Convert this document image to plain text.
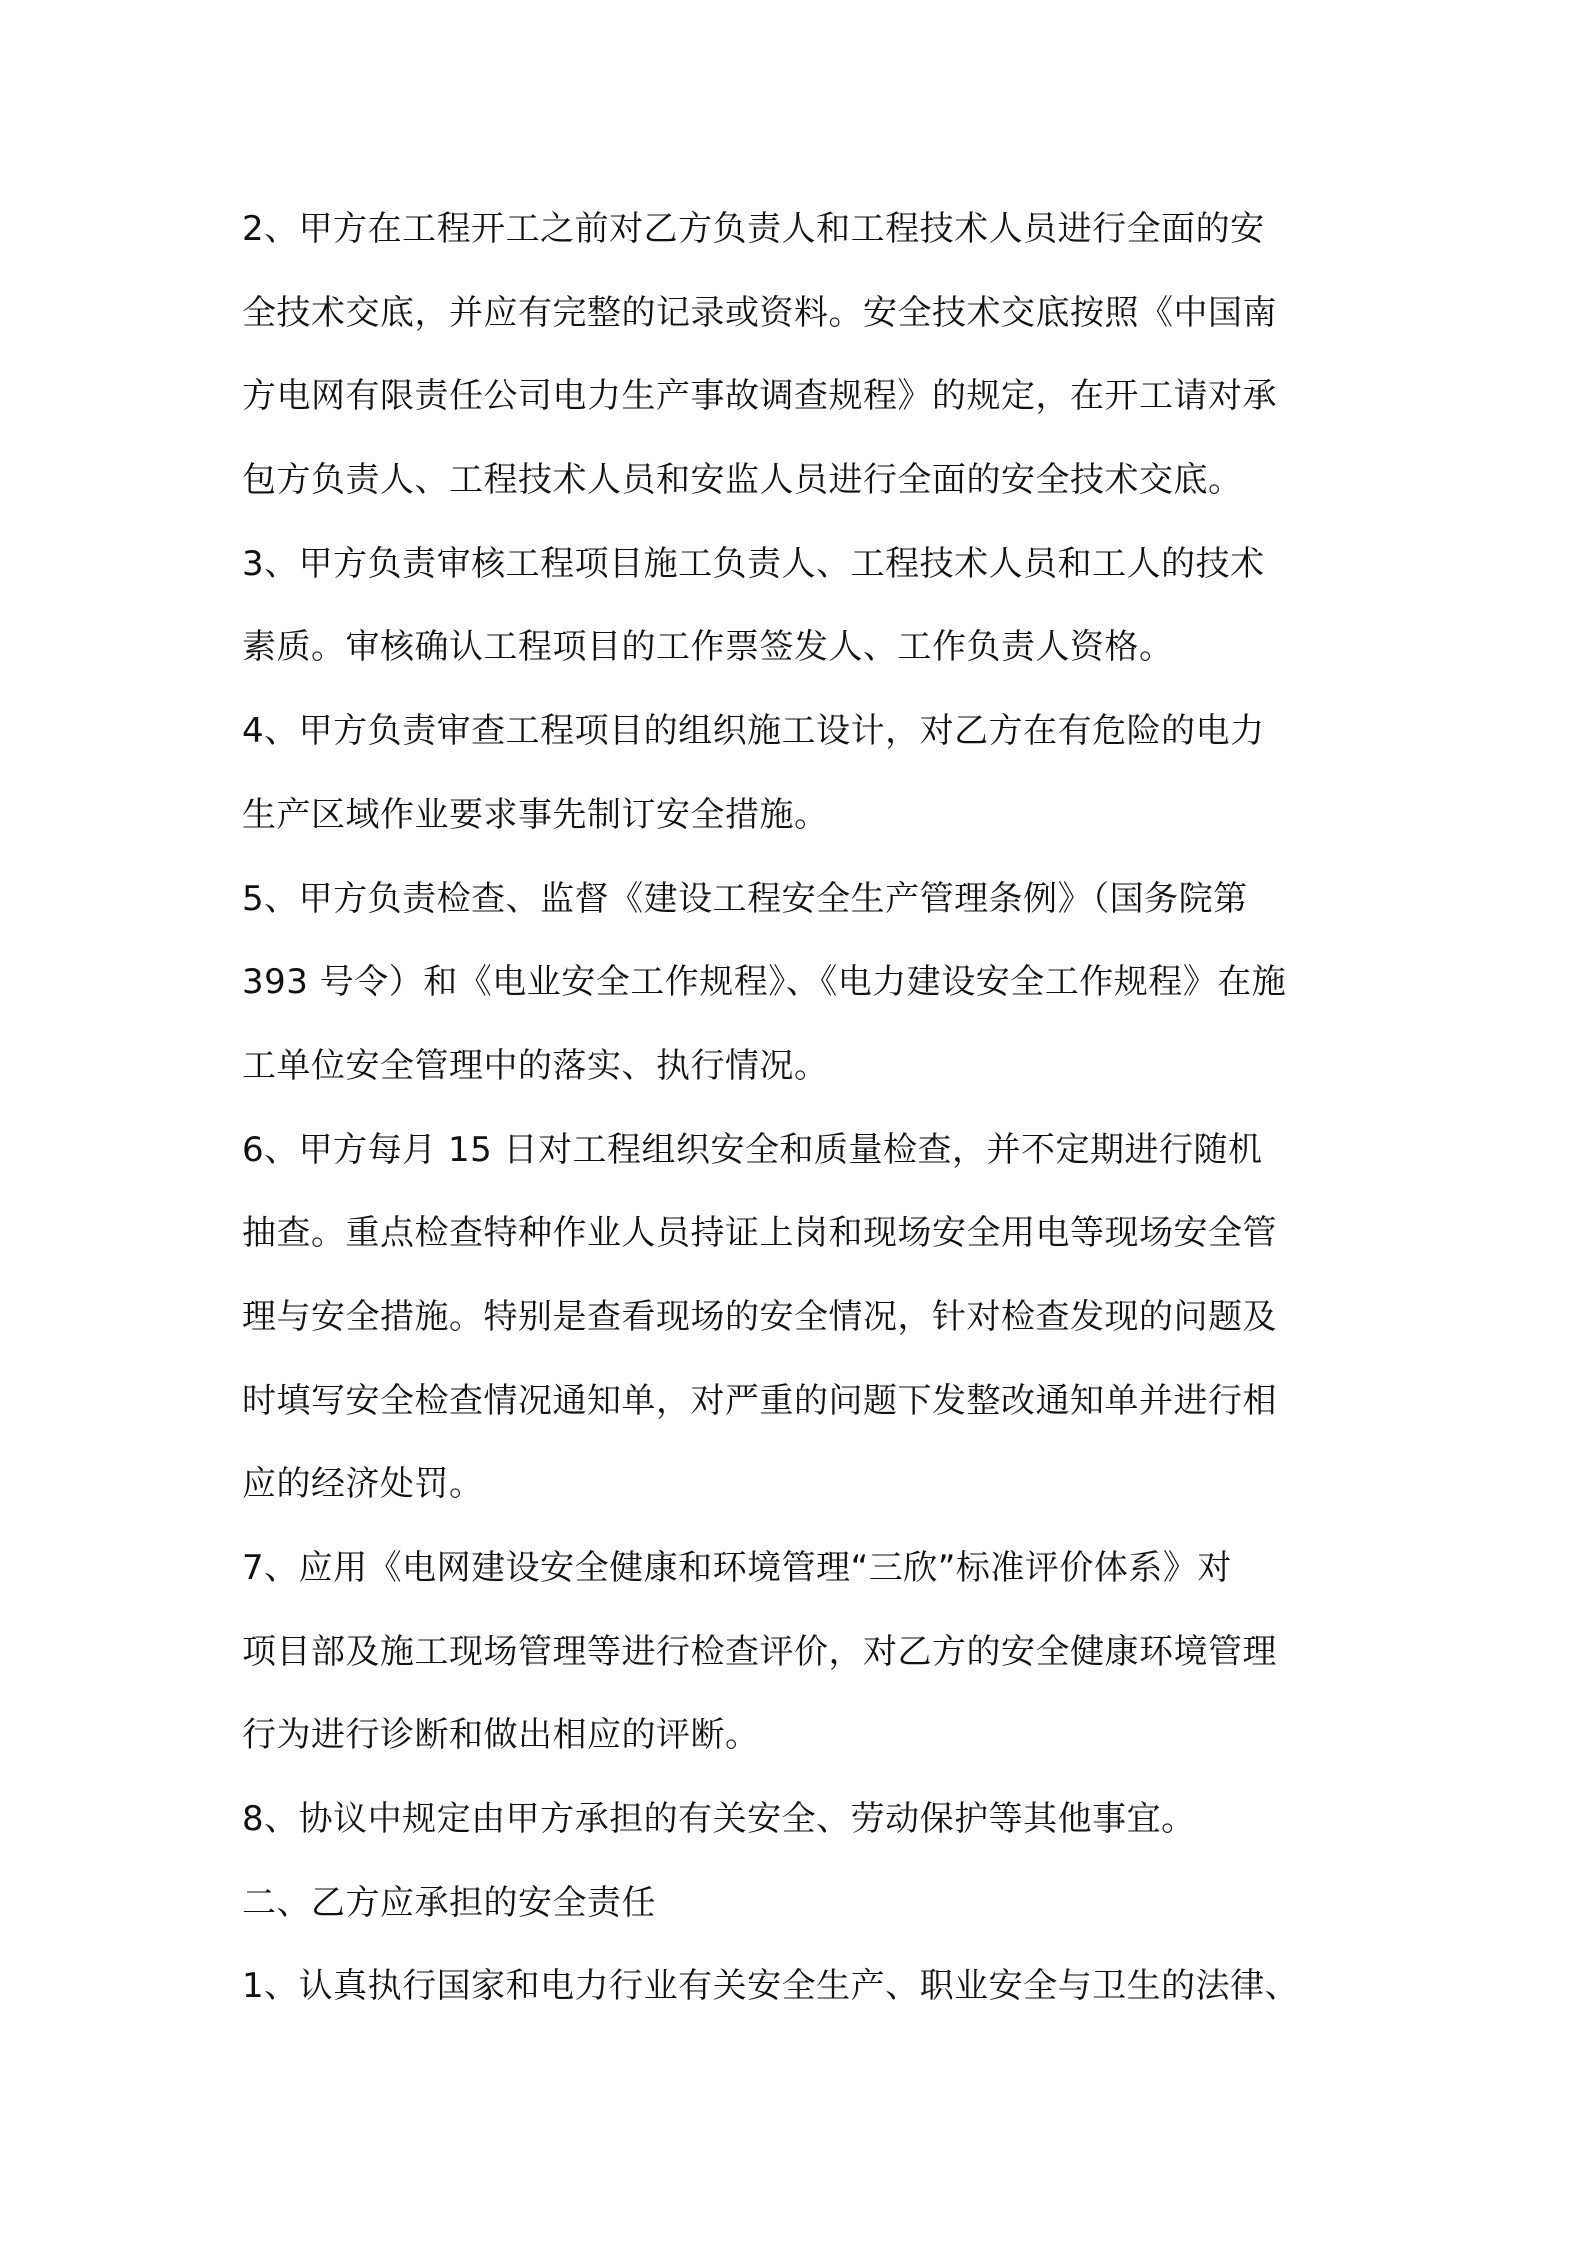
2、甲方在工程开工之前对乙方负责人和工程技术人员进行全面的安
全技术交底，并应有完整的记录或资料。安全技术交底按照《中国南
方电网有限责任公司电力生产事故调查规程》的规定，在开工请对承
包方负责人、工程技术人员和安监人员进行全面的安全技术交底。
3、甲方负责审核工程项目施工负责人、工程技术人员和工人的技术
素质。审核确认工程项目的工作票签发人、工作负责人资格。
4、甲方负责审查工程项目的组织施工设计，对乙方在有危险的电力
生产区域作业要求事先制订安全措施。
5、甲方负责检查、监督《建设工程安全生产管理条例》（国务院第
393 号令）和《电业安全工作规程》、《电力建设安全工作规程》在施
工单位安全管理中的落实、执行情况。
6、甲方每月 15 日对工程组织安全和质量检查，并不定期进行随机
抽查。重点检查特种作业人员持证上岗和现场安全用电等现场安全管
理与安全措施。特别是查看现场的安全情况，针对检查发现的问题及
时填写安全检查情况通知单，对严重的问题下发整改通知单并进行相
应的经济处罚。
7、应用《电网建设安全健康和环境管理“三欣”标准评价体系》对
项目部及施工现场管理等进行检查评价，对乙方的安全健康环境管理
行为进行诊断和做出相应的评断。
8、协议中规定由甲方承担的有关安全、劳动保护等其他事宜。
二、乙方应承担的安全责任
1、认真执行国家和电力行业有关安全生产、职业安全与卫生的法律、
